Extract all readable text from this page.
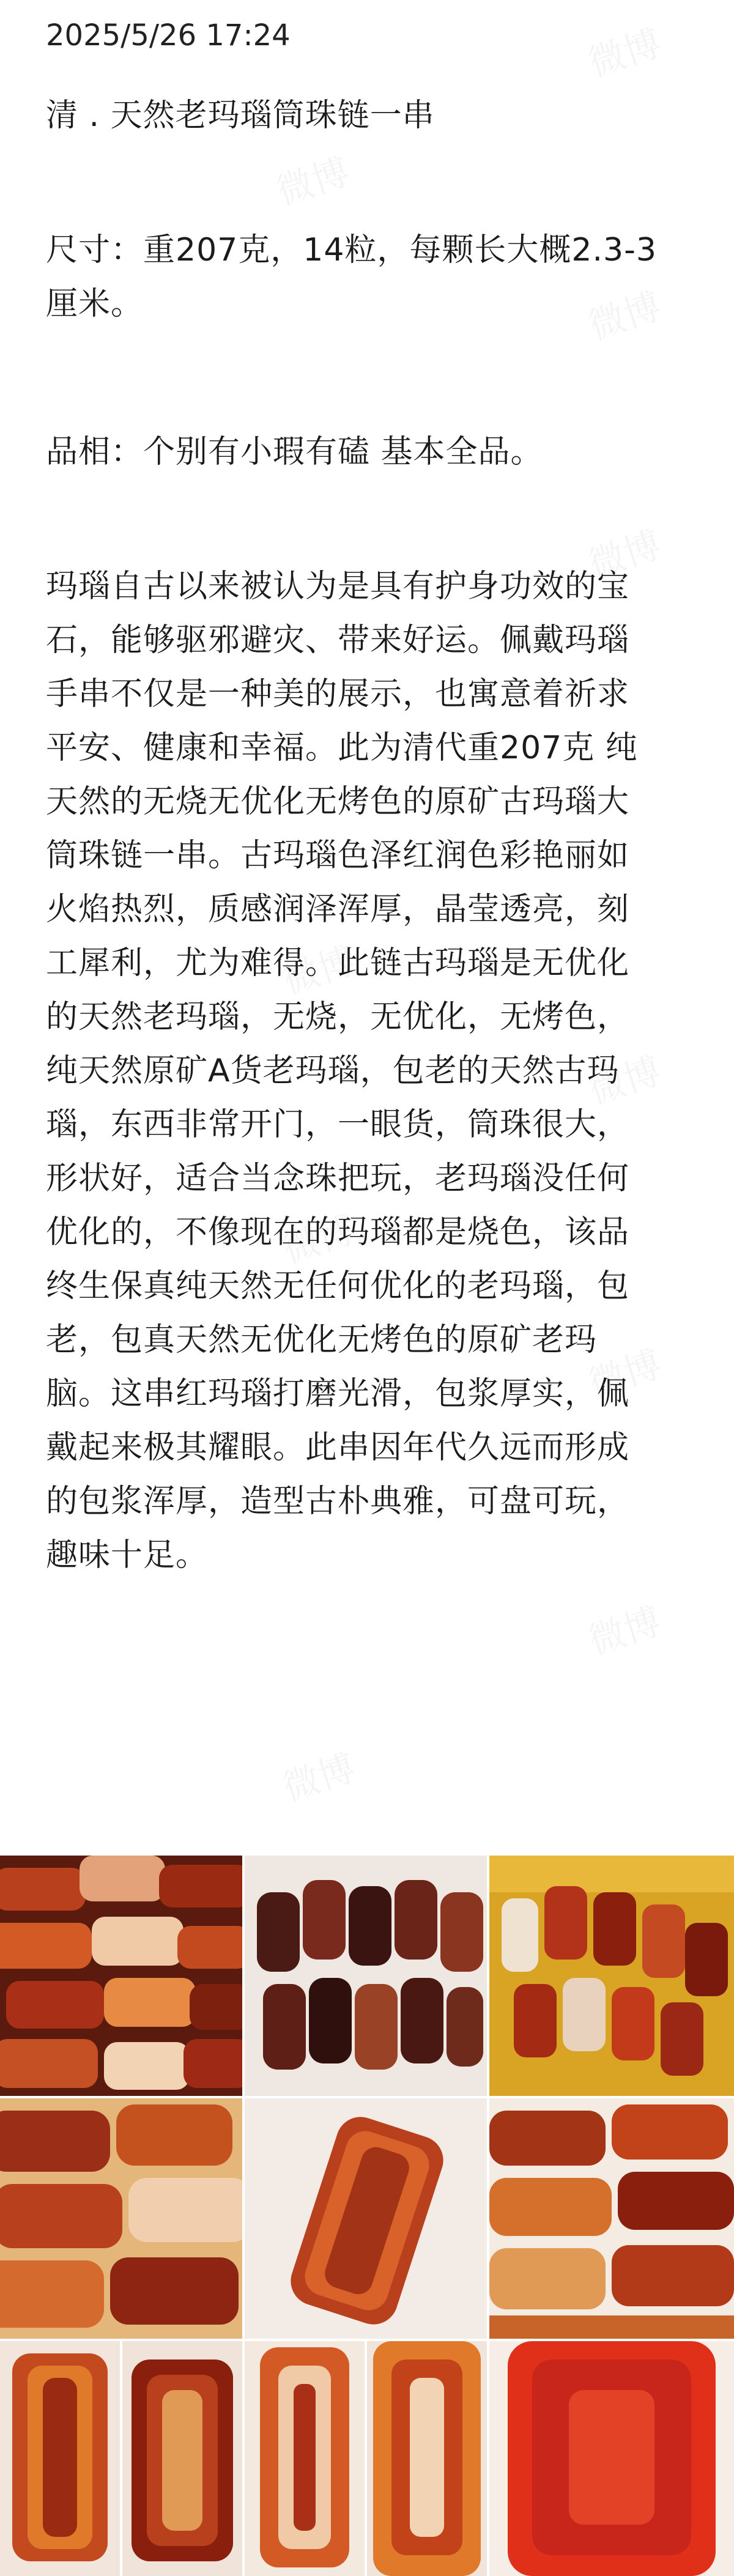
2025/5/26 17:24
清 . 天然老玛瑙筒珠链一串
尺寸：重207克，14粒，每颗长大概2.3-3
厘米。
品相：个别有小瑕有磕 基本全品。
玛瑙自古以来被认为是具有护身功效的宝
石，能够驱邪避灾、带来好运。佩戴玛瑙
手串不仅是一种美的展示，也寓意着祈求
平安、健康和幸福。此为清代重207克 纯
天然的无烧无优化无烤色的原矿古玛瑙大
筒珠链一串。古玛瑙色泽红润色彩艳丽如
火焰热烈，质感润泽浑厚，晶莹透亮，刻
工犀利，尤为难得。此链古玛瑙是无优化
的天然老玛瑙，无烧，无优化，无烤色，
纯天然原矿A货老玛瑙，包老的天然古玛
瑙，东西非常开门，一眼货，筒珠很大，
形状好，适合当念珠把玩，老玛瑙没任何
优化的，不像现在的玛瑙都是烧色，该品
终生保真纯天然无任何优化的老玛瑙，包
老，包真天然无优化无烤色的原矿老玛
脑。这串红玛瑙打磨光滑，包浆厚实，佩
戴起来极其耀眼。此串因年代久远而形成
的包浆浑厚，造型古朴典雅，可盘可玩，
趣味十足。
